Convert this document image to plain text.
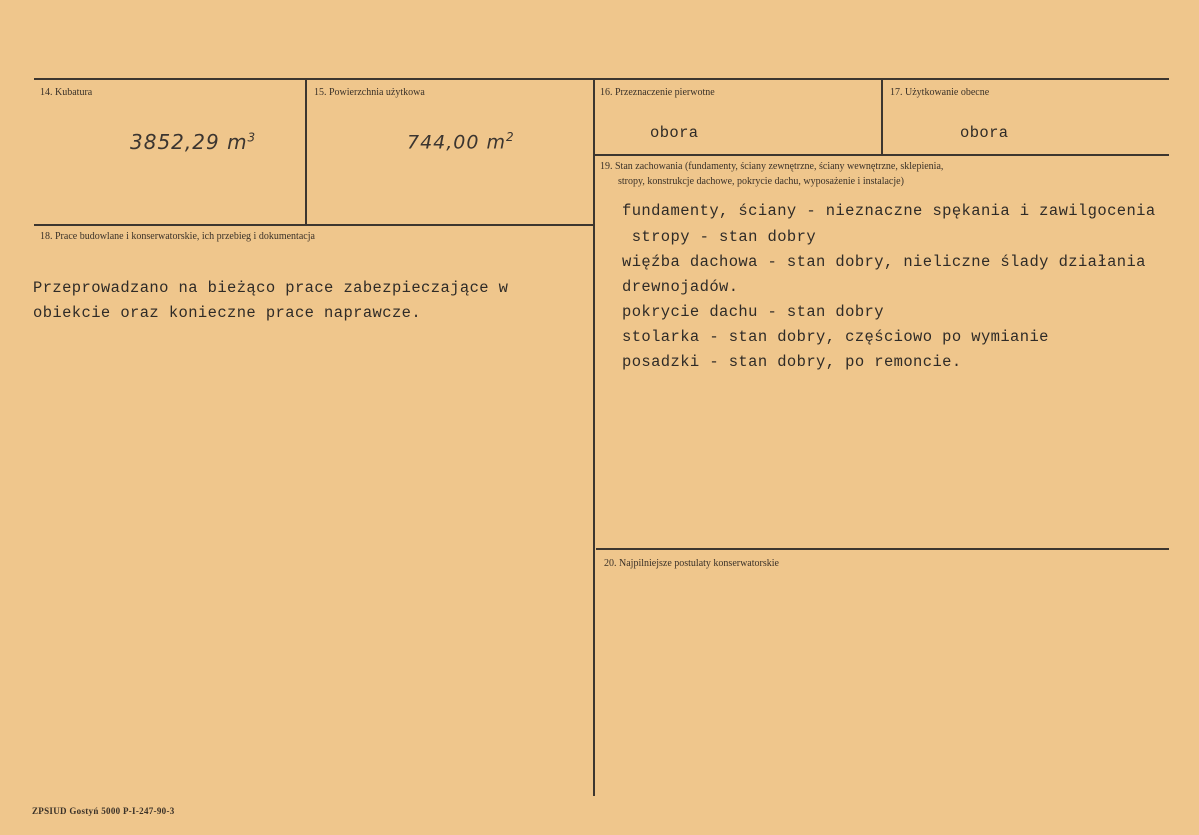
14. Kubatura
3852,29 $m^3$
15. Powierzchnia użytkowa
744,00 $m^2$
16. Przeznaczenie pierwotne
obora
17. Użytkowanie obecne
obora
18. Prace budowlane i konserwatorskie, ich przebieg i dokumentacja
Przeprowadzano na bieżąco prace zabezpieczające w
obiekcie oraz konieczne prace naprawcze.
19. Stan zachowania (fundamenty, ściany zewnętrzne, ściany wewnętrzne, sklepienia,
stropy, konstrukcje dachowe, pokrycie dachu, wyposażenie i instalacje)
fundamenty, ściany - nieznaczne spękania i zawilgocenia
stropy - stan dobry
więźba dachowa - stan dobry, nieliczne ślady działania
drewnojadów.
pokrycie dachu - stan dobry
stolarka - stan dobry, częściowo po wymianie
posadzki - stan dobry, po remoncie.
20. Najpilniejsze postulaty konserwatorskie
ZPSIUD Gostyń 5000 P-I-247-90-3
